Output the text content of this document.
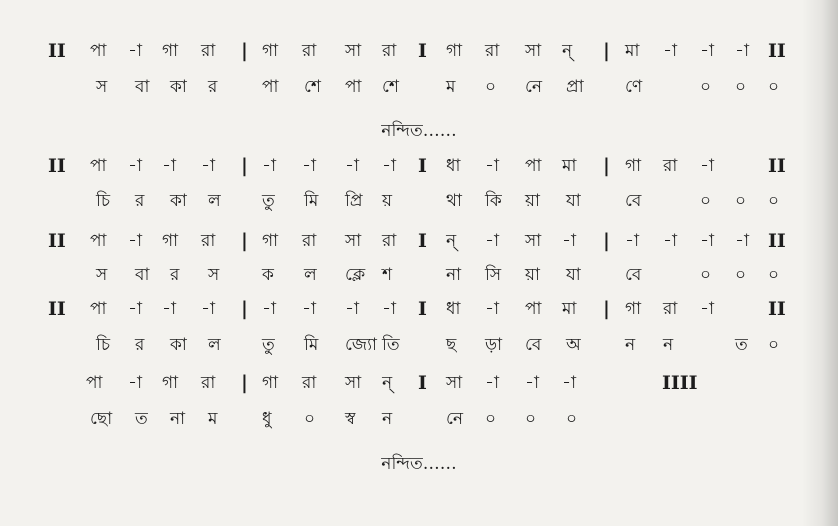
নন্দিত……
নন্দিত……
II পা -া গা রা | গা রা সা রা I গা রা সা ন্ | মা -া -া -া II
স বা কা র	পা শে পা শে	ম ০ নে প্রা ণে	০ ০ ০
II পা -া -া -া | -া -া -া -া I ধা -া পা মা | গা রা -া	II
চি র কা ল তু মি প্রি য়	থা কি য়া যা	বে	০ ০ ০
II পা -া গা রা | গা রা সা রা I ন্ -া সা -া | -া -া -া -া II
স বা র স	ক ল ক্লে শ	না সি য়া যা	বে	০ ০ ০
II পা -া -া -া | -া -া -া -া I ধা -া পা মা | গা রা -া	II
চি র কা ল তু মি জ্যো তি	ছ ড়া বে অ	ন ন	ত ০
পা -া গা রা | গা রা সা ন্ I সা -া -া -া	IIII
ছো ত না ম	ধু ০ স্ব ন	নে ০ ০ ০
